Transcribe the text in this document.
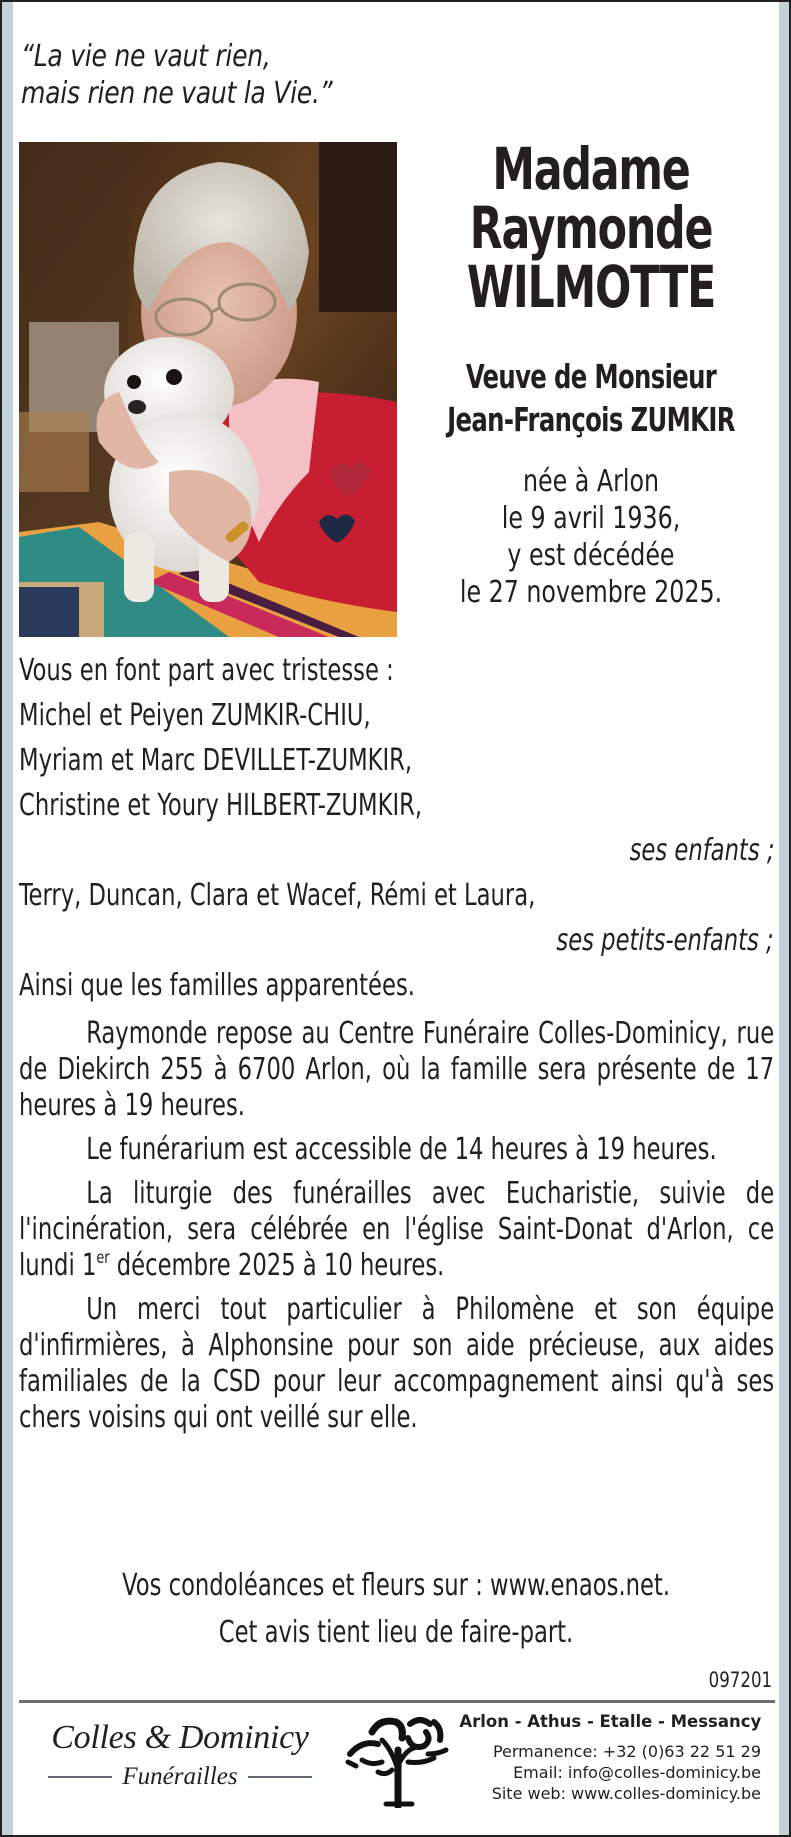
“La vie ne vaut rien,
mais rien ne vaut la Vie.”
Madame
Raymonde
WILMOTTE
Veuve de Monsieur
Jean-François ZUMKIR
née à Arlon
le 9 avril 1936,
y est décédée
le 27 novembre 2025.
Vous en font part avec tristesse :
Michel et Peiyen ZUMKIR-CHIU,
Myriam et Marc DEVILLET-ZUMKIR,
Christine et Youry HILBERT-ZUMKIR,
ses enfants ;
Terry, Duncan, Clara et Wacef, Rémi et Laura,
ses petits-enfants ;
Ainsi que les familles apparentées.

Raymonde repose au Centre Funéraire Colles-Dominicy, rue de Diekirch 255 à 6700 Arlon, où la famille sera présente de 17 heures à 19 heures.

Le funérarium est accessible de 14 heures à 19 heures.

La liturgie des funérailles avec Eucharistie, suivie de l'incinération, sera célébrée en l'église Saint-Donat d'Arlon, ce lundi 1er décembre 2025 à 10 heures.

Un merci tout particulier à Philomène et son équipe d'infirmières, à Alphonsine pour son aide précieuse, aux aides familiales de la CSD pour leur accompagnement ainsi qu'à ses chers voisins qui ont veillé sur elle.

Vos condoléances et fleurs sur : www.enaos.net.
Cet avis tient lieu de faire-part.
097201
Colles & Dominicy
Funérailles
Arlon - Athus - Etalle - Messancy
Permanence: +32 (0)63 22 51 29
Email: info@colles-dominicy.be
Site web: www.colles-dominicy.be
